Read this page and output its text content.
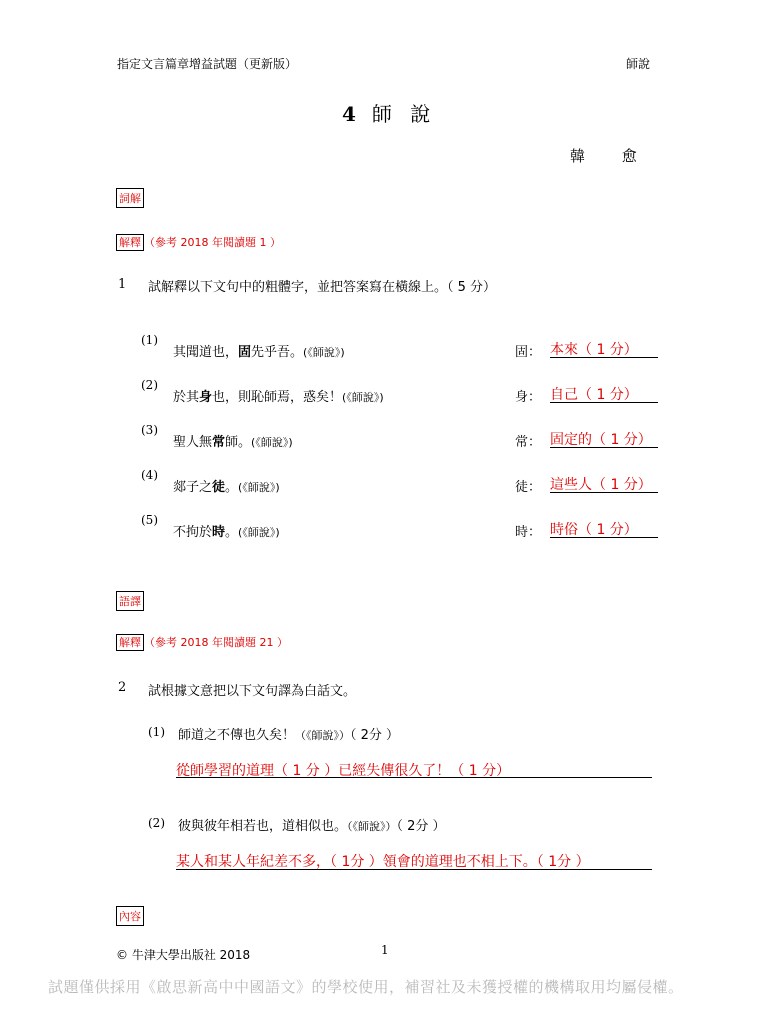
指定文言篇章增益試題（更新版）	師說
4 師 說
韓 愈
詞解
解釋 （參考 2018 年閱讀題 1 ）
1 試解釋以下文句中的粗體字，並把答案寫在橫線上。（ 5 分）
(1)
其聞道也，固先乎吾。(《師說》)	固： 本來（ 1 分）
(2)
於其身也，則恥師焉，惑矣！(《師說》)	身： 自己（ 1 分）
(3)
聖人無常師。(《師說》)	常： 固定的（ 1 分）
(4)
郯子之徒。(《師說》)	徒： 這些人（ 1 分）
(5)
不拘於時。(《師說》)	時： 時俗（ 1 分）
語譯
解釋 （參考 2018 年閱讀題 21 ）
2 試根據文意把以下文句譯為白話文。
(1) 師道之不傳也久矣！（《師說》）（ 2分 ）
從師學習的道理（ 1 分 ）已經失傳很久了！（ 1 分）
(2) 彼與彼年相若也，道相似也。（《師說》）（ 2分 ）
某人和某人年紀差不多，（ 1分 ）領會的道理也不相上下。（ 1分 ）
內容
© 牛津大學出版社 2018	1
試題僅供採用《啟思新高中中國語文》的學校使用，補習社及未獲授權的機構取用均屬侵權。
